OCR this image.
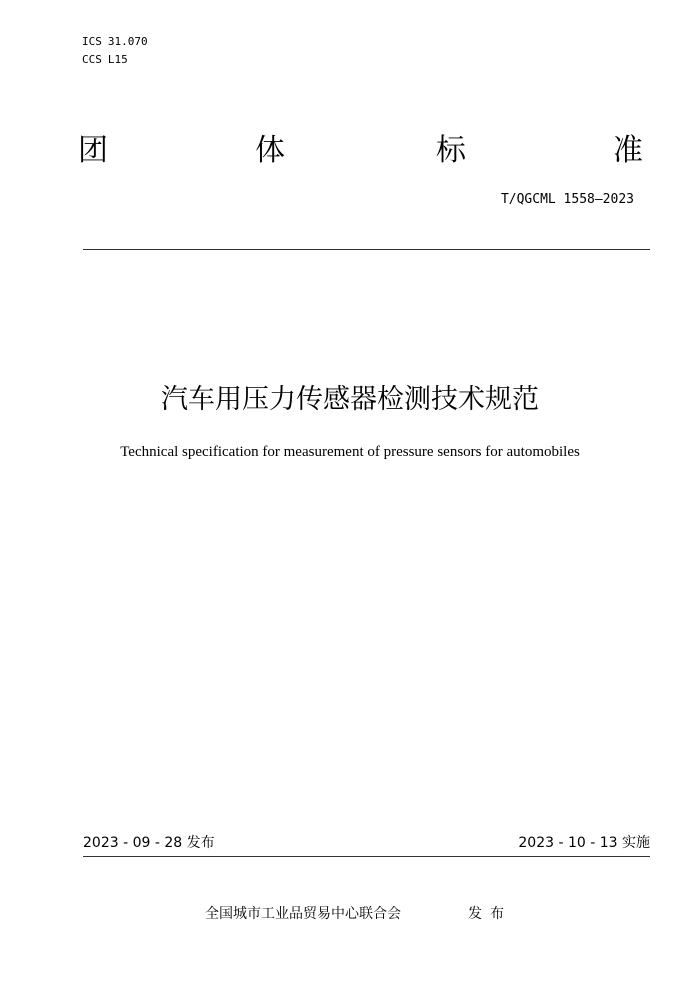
ICS 31.070
CCS L15
团	体	标	准
T/QGCML 1558—2023
汽车用压力传感器检测技术规范
Technical specification for measurement of pressure sensors for automobiles
2023 - 09 - 28 发布	2023 - 10 - 13 实施
全国城市工业品贸易中心联合会	发布
